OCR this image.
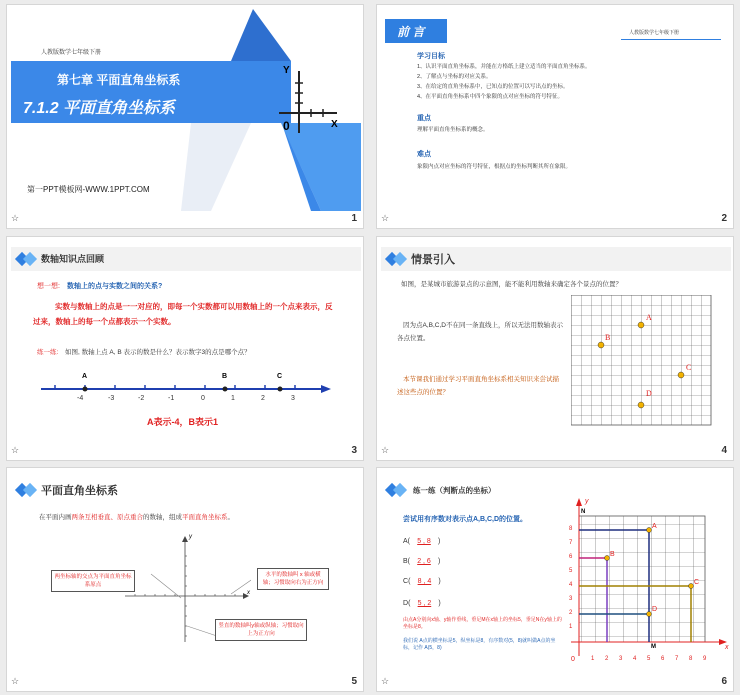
人教版数学七年级下册
第七章 平面直角坐标系
7.1.2 平面直角坐标系
Y
X
0
第一PPT模板网-WWW.1PPT.COM
☆	1
前 言	人教版数学七年级下册
学习目标
1、认识平面直角坐标系，并能在方格纸上建立适当的平面直角坐标系。
2、了解点与坐标的对应关系。
3、在给定的直角坐标系中，已知点的位置可以写出点的坐标。
4、在平面直角坐标系中四个象限的点对应坐标的符号特征。
重点
理解平面直角坐标系的概念。
难点
象限内点对应坐标的符号特征，根据点的坐标判断其所在象限。
☆	2
数轴知识点回顾
想一想: 数轴上的点与实数之间的关系?
实数与数轴上的点是一一对应的，即每一个实数都可以用数轴上的一个点来表示，反过来，数轴上的每一个点都表示一个实数。
练一练: 如图, 数轴上点 A, B 表示的数是什么？表示数字3的点是哪个点？
A	B	C
-4	-3	-2	-1	0	1	2	3
A表示-4，B表示1
☆	3
情景引入
如图，是某城市旅游景点的示意图，能不能利用数轴来确定各个景点的位置？
A
B
C
D
因为点A,B,C,D不在同一条直线上，所以无法用数轴表示各点位置。
本节课我们通过学习平面直角坐标系相关知识来尝试描述这些点的位置？
☆	4
平面直角坐标系
在平面内画两条互相垂直、原点重合的数轴，组成平面直角坐标系。
x
y
两坐标轴的交点为平面直角坐标系原点
水平的数轴叫 x 轴或横轴；习惯取向右为正方向
竖直的数轴叫y轴或纵轴；习惯取向上为正方向
☆	5
练一练（判断点的坐标）
尝试用有序数对表示点A,B,C,D的位置。
A( 5 , 8 )
B( 2 , 6 )
C( 8 , 4 )
D( 5 , 2 )
由点A分别向x轴、y轴作垂线，垂足M在x轴上的坐标5，垂足N在y轴上的坐标是8。
我们说 A点的横坐标是5，纵坐标是8，有序数对(5，8)就叫做A点的坐标，记作 A(5，8)
y
x
0
N
M
A
B
C
D
1 2 3 4 5 6 7 8 9
1
2
3
4
5
6
7
8
☆	6
